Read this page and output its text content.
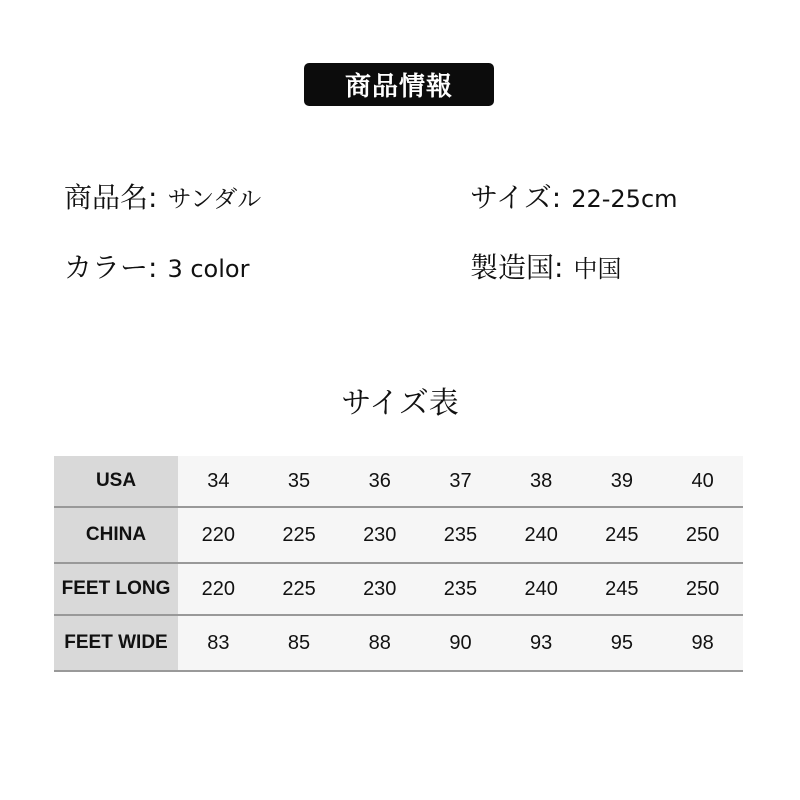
商品情報
商品名 : サンダル	サイズ : 22-25cm
カラー : 3 color	製造国 : 中国
サイズ表
USA	34	35	36	37	38	39	40
CHINA	220	225	230	235	240	245	250
FEET LONG	220	225	230	235	240	245	250
FEET WIDE	83	85	88	90	93	95	98
